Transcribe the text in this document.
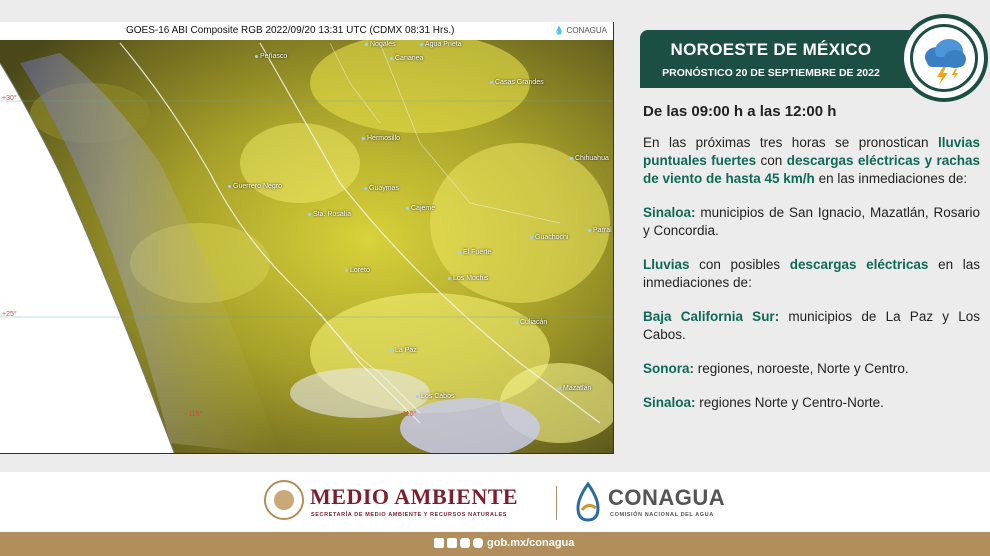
+30°
+25°
-115°	-110°
Peñasco
Nogales	Agua Prieta
Cananea
Casas Grandes
Hermosillo
Chihuahua
Guerrero Negro	Guaymas
Sta. Rosalía
Cajeme
Guachochi
Parral
Loreto
El Fuerte
Los Mochis
Culiacán
La Paz
Los Cabos
Mazatlán
GOES-16 ABI Composite RGB 2022/09/20 13:31 UTC (CDMX 08:31 Hrs.)	💧 CONAGUA
NOROESTE DE MÉXICO
PRONÓSTICO 20 DE SEPTIEMBRE DE 2022

De las 09:00 h a las 12:00 h

En las próximas tres horas se pronostican lluvias puntuales fuertes con descargas eléctricas y rachas de viento de hasta 45 km/h en las inmediaciones de:

Sinaloa: municipios de San Ignacio, Mazatlán, Rosario y Concordia.

Lluvias con posibles descargas eléctricas en las inmediaciones de:

Baja California Sur: municipios de La Paz y Los Cabos.

Sonora: regiones, noroeste, Norte y Centro.

Sinaloa: regiones Norte y Centro-Norte.

MEDIO AMBIENTE
SECRETARÍA DE MEDIO AMBIENTE Y RECURSOS NATURALES
CONAGUA
COMISIÓN NACIONAL DEL AGUA
gob.mx/conagua
